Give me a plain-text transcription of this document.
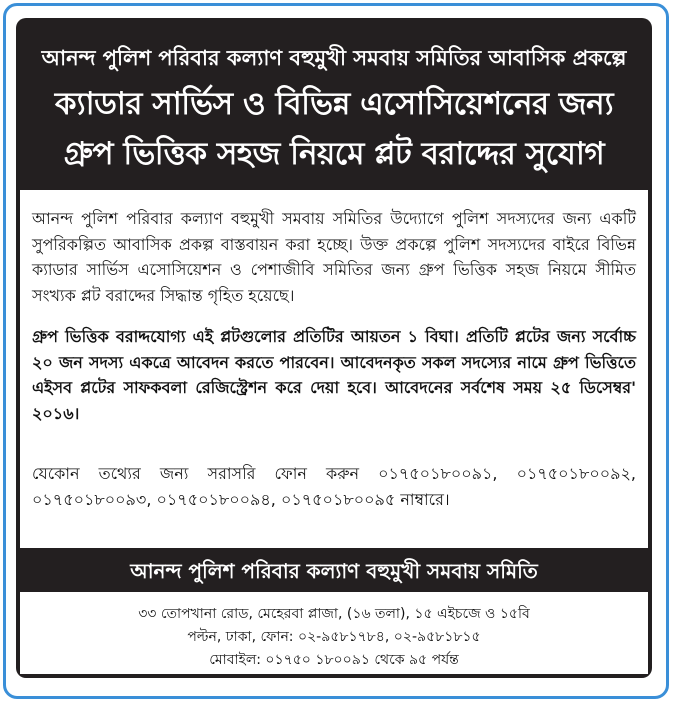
আনন্দ পুলিশ পরিবার কল্যাণ বহুমুখী সমবায় সমিতির আবাসিক প্রকল্পে
ক্যাডার সার্ভিস ও বিভিন্ন এসোসিয়েশনের জন্য
গ্রুপ ভিত্তিক সহজ নিয়মে প্লট বরাদ্দের সুযোগ
আনন্দ পুলিশ পরিবার কল্যাণ বহুমুখী সমবায় সমিতির উদ্যোগে পুলিশ সদস্যদের জন্য একটি সুপরিকল্পিত আবাসিক প্রকল্প বাস্তবায়ন করা হচ্ছে। উক্ত প্রকল্পে পুলিশ সদস্যদের বাইরে বিভিন্ন ক্যাডার সার্ভিস এসোসিয়েশন ও পেশাজীবি সমিতির জন্য গ্রুপ ভিত্তিক সহজ নিয়মে সীমিত সংখ্যক প্লট বরাদ্দের সিদ্ধান্ত গৃহিত হয়েছে।
গ্রুপ ভিত্তিক বরাদ্দযোগ্য এই প্লটগুলোর প্রতিটির আয়তন ১ বিঘা। প্রতিটি প্লটের জন্য সর্বোচ্চ ২০ জন সদস্য একত্রে আবেদন করতে পারবেন। আবেদনকৃত সকল সদস্যের নামে গ্রুপ ভিত্তিতে এইসব প্লটের সাফকবলা রেজিস্ট্রেশন করে দেয়া হবে। আবেদনের সর্বশেষ সময় ২৫ ডিসেম্বর' ২০১৬।
যেকোন তথ্যের জন্য সরাসরি ফোন করুন ০১৭৫০১৮০০৯১, ০১৭৫০১৮০০৯২, ০১৭৫০১৮০০৯৩, ০১৭৫০১৮০০৯৪, ০১৭৫০১৮০০৯৫ নাম্বারে।
আনন্দ পুলিশ পরিবার কল্যাণ বহুমুখী সমবায় সমিতি
৩৩ তোপখানা রোড, মেহেরবা প্লাজা, (১৬ তলা), ১৫ এইচজে ও ১৫বি
পল্টন, ঢাকা, ফোন: ০২-৯৫৮১৭৮৪, ০২-৯৫৮১৮১৫
মোবাইল: ০১৭৫০ ১৮০০৯১ থেকে ৯৫ পর্যন্ত
